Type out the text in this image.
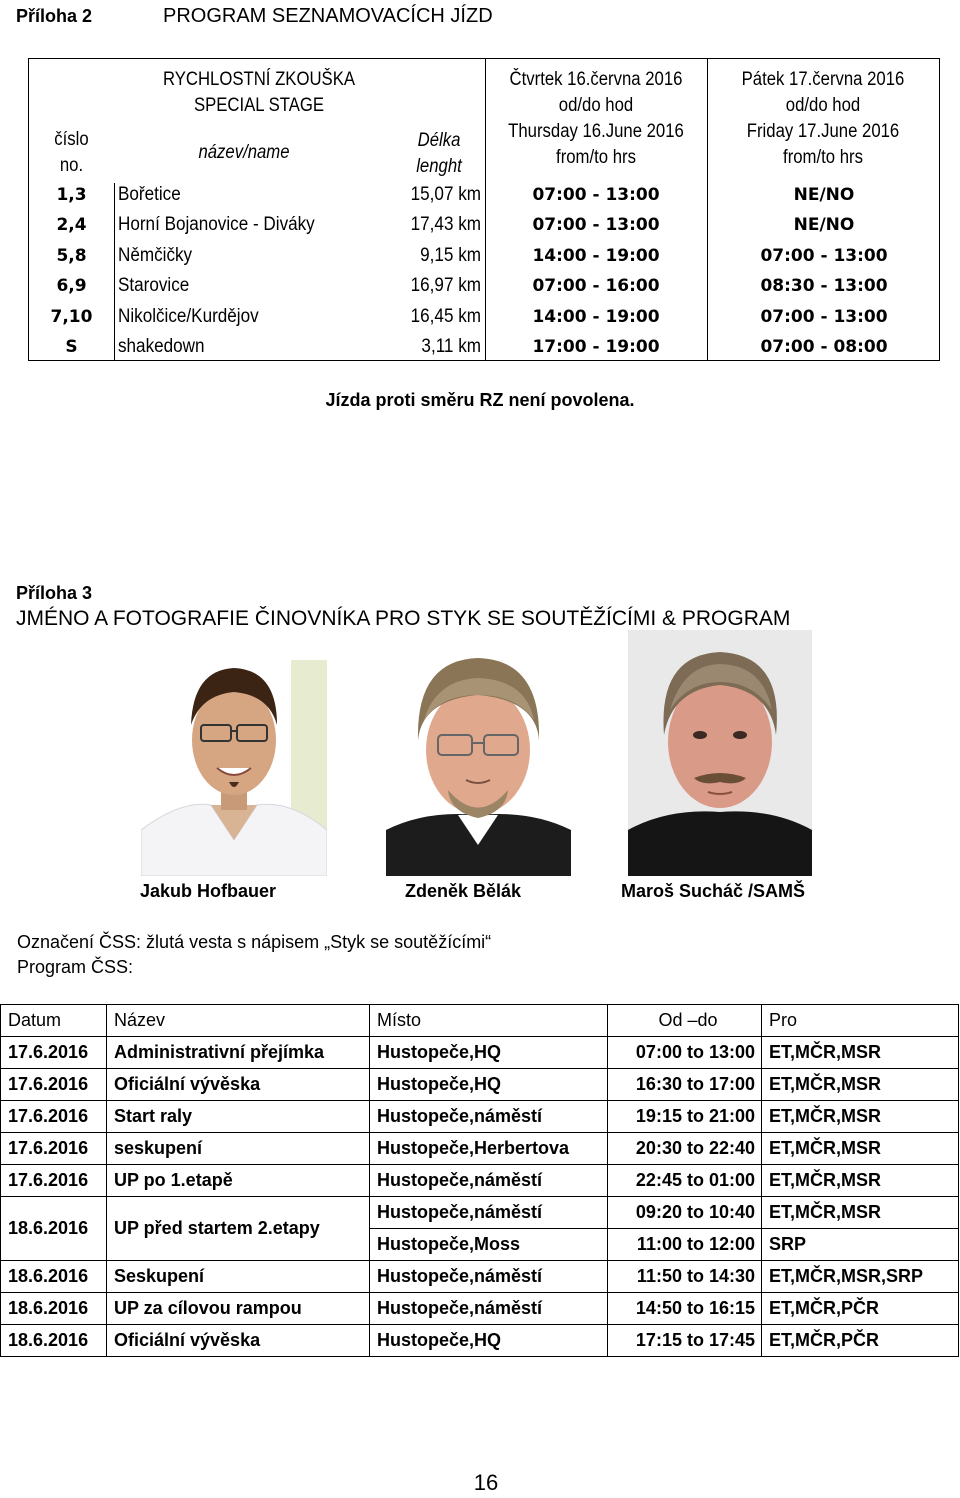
Příloha 2	PROGRAM SEZNAMOVACÍCH JÍZD
číslo
no.
RYCHLOSTNÍ ZKOUŠKA
SPECIAL STAGE
název/name
Délka
lenght
Čtvrtek 16.června 2016
od/do hod
Thursday 16.June 2016
from/to hrs
Pátek 17.června 2016
od/do hod
Friday 17.June 2016
from/to hrs
1,3	Bořetice	15,07 km	07:00 - 13:00	NE/NO
2,4	Horní Bojanovice - Diváky	17,43 km	07:00 - 13:00	NE/NO
5,8	Němčičky	9,15 km	14:00 - 19:00	07:00 - 13:00
6,9	Starovice	16,97 km	07:00 - 16:00	08:30 - 13:00
7,10	Nikolčice/Kurdějov	16,45 km	14:00 - 19:00	07:00 - 13:00
S	shakedown	3,11 km	17:00 - 19:00	07:00 - 08:00
Jízda proti směru RZ není povolena.
Příloha 3
JMÉNO A FOTOGRAFIE ČINOVNÍKA PRO STYK SE SOUTĚŽÍCÍMI & PROGRAM
Jakub Hofbauer	Zdeněk Bělák	Maroš Sucháč /SAMŠ
Označení ČSS: žlutá vesta s nápisem „Styk se soutěžícími“
Program ČSS:
Datum	Název	Místo	Od –do	Pro
17.6.2016	Administrativní přejímka	Hustopeče,HQ	07:00 to 13:00	ET,MČR,MSR
17.6.2016	Oficiální vývěska	Hustopeče,HQ	16:30 to 17:00	ET,MČR,MSR
17.6.2016	Start raly	Hustopeče,náměstí	19:15 to 21:00	ET,MČR,MSR
17.6.2016	seskupení	Hustopeče,Herbertova	20:30 to 22:40	ET,MČR,MSR
17.6.2016	UP po 1.etapě	Hustopeče,náměstí	22:45 to 01:00	ET,MČR,MSR
18.6.2016	UP před startem 2.etapy	Hustopeče,náměstí	09:20 to 10:40	ET,MČR,MSR
		Hustopeče,Moss	11:00 to 12:00	SRP
18.6.2016	Seskupení	Hustopeče,náměstí	11:50 to 14:30	ET,MČR,MSR,SRP
18.6.2016	UP za cílovou rampou	Hustopeče,náměstí	14:50 to 16:15	ET,MČR,PČR
18.6.2016	Oficiální vývěska	Hustopeče,HQ	17:15 to 17:45	ET,MČR,PČR
16
